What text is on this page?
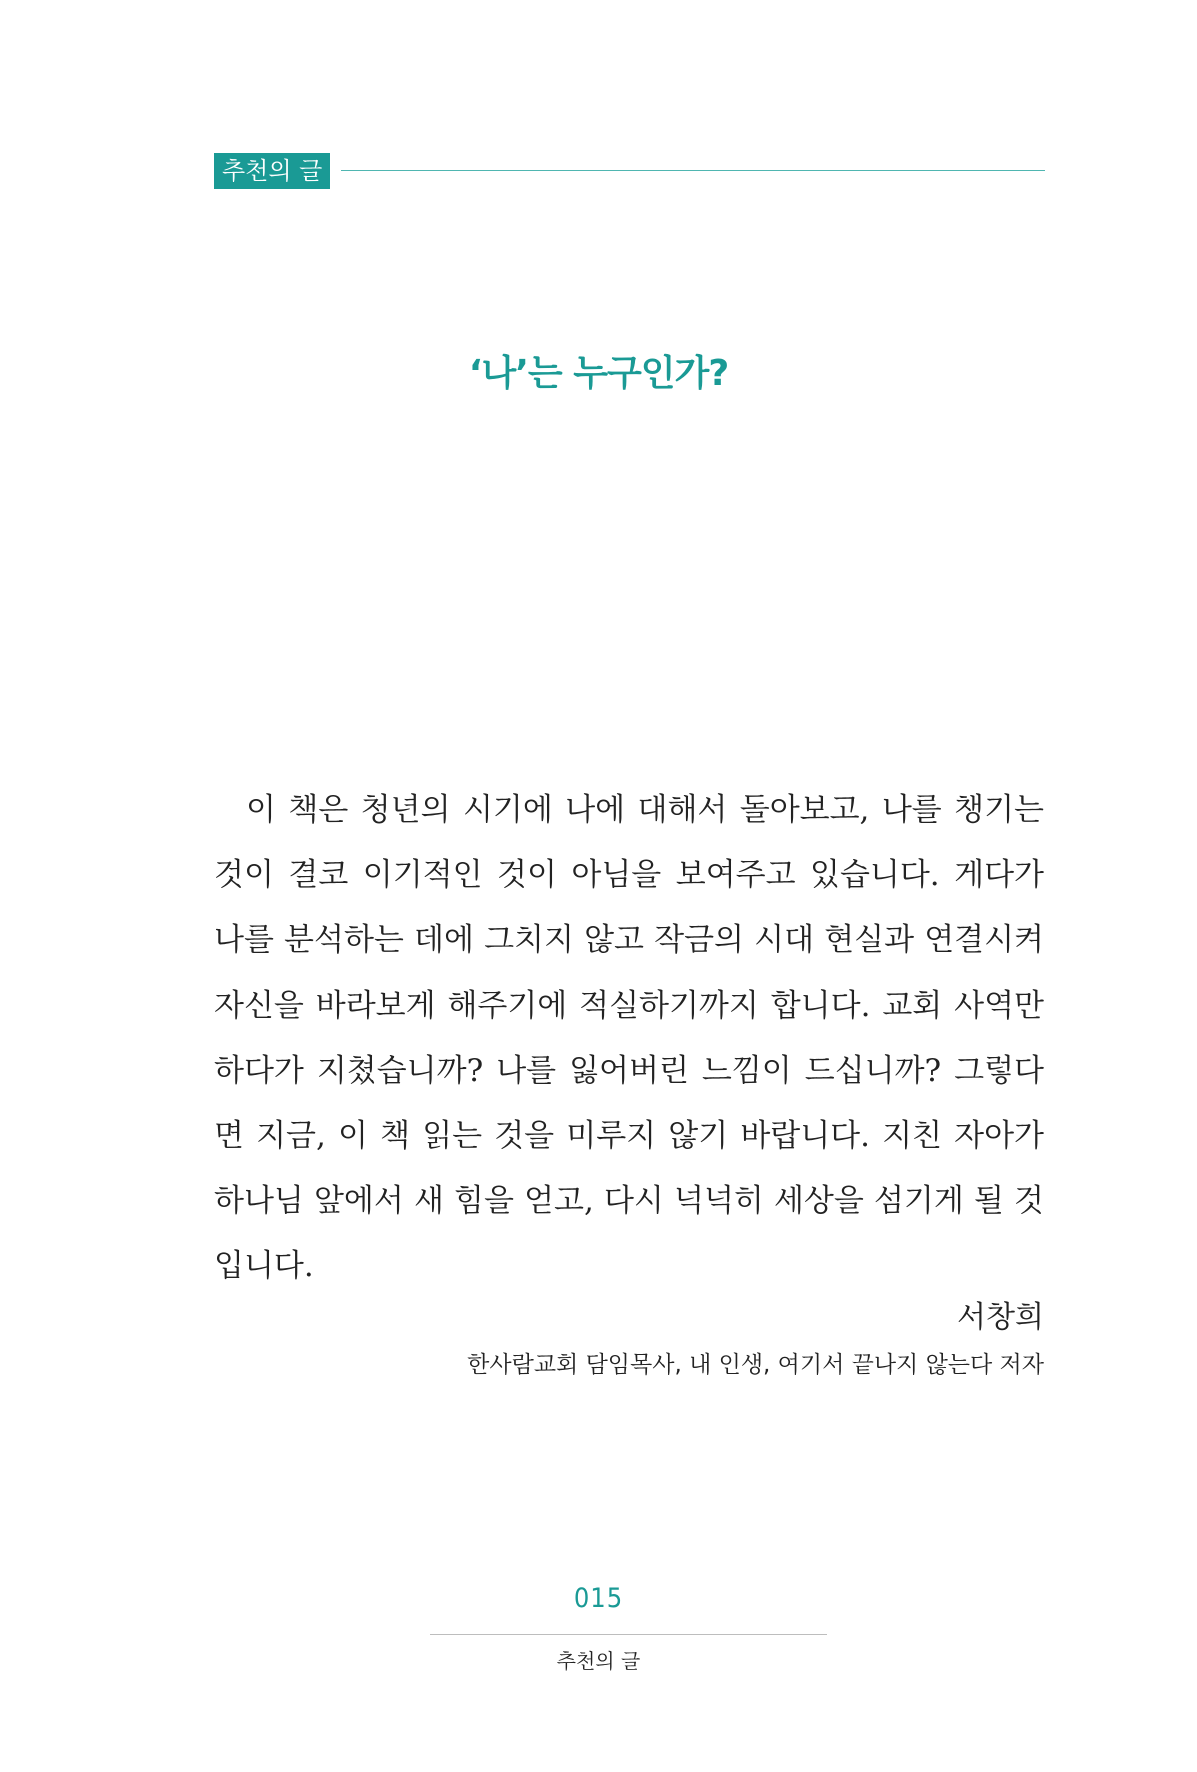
추천의 글
‘나’는 누구인가?

이 책은 청년의 시기에 나에 대해서 돌아보고, 나를 챙기는 것이 결코 이기적인 것이 아님을 보여주고 있습니다. 게다가 나를 분석하는 데에 그치지 않고 작금의 시대 현실과 연결시켜 자신을 바라보게 해주기에 적실하기까지 합니다. 교회 사역만 하다가 지쳤습니까? 나를 잃어버린 느낌이 드십니까? 그렇다면 지금, 이 책 읽는 것을 미루지 않기 바랍니다. 지친 자아가 하나님 앞에서 새 힘을 얻고, 다시 넉넉히 세상을 섬기게 될 것입니다.

서창희
한사람교회 담임목사, 내 인생, 여기서 끝나지 않는다 저자
015
추천의 글
